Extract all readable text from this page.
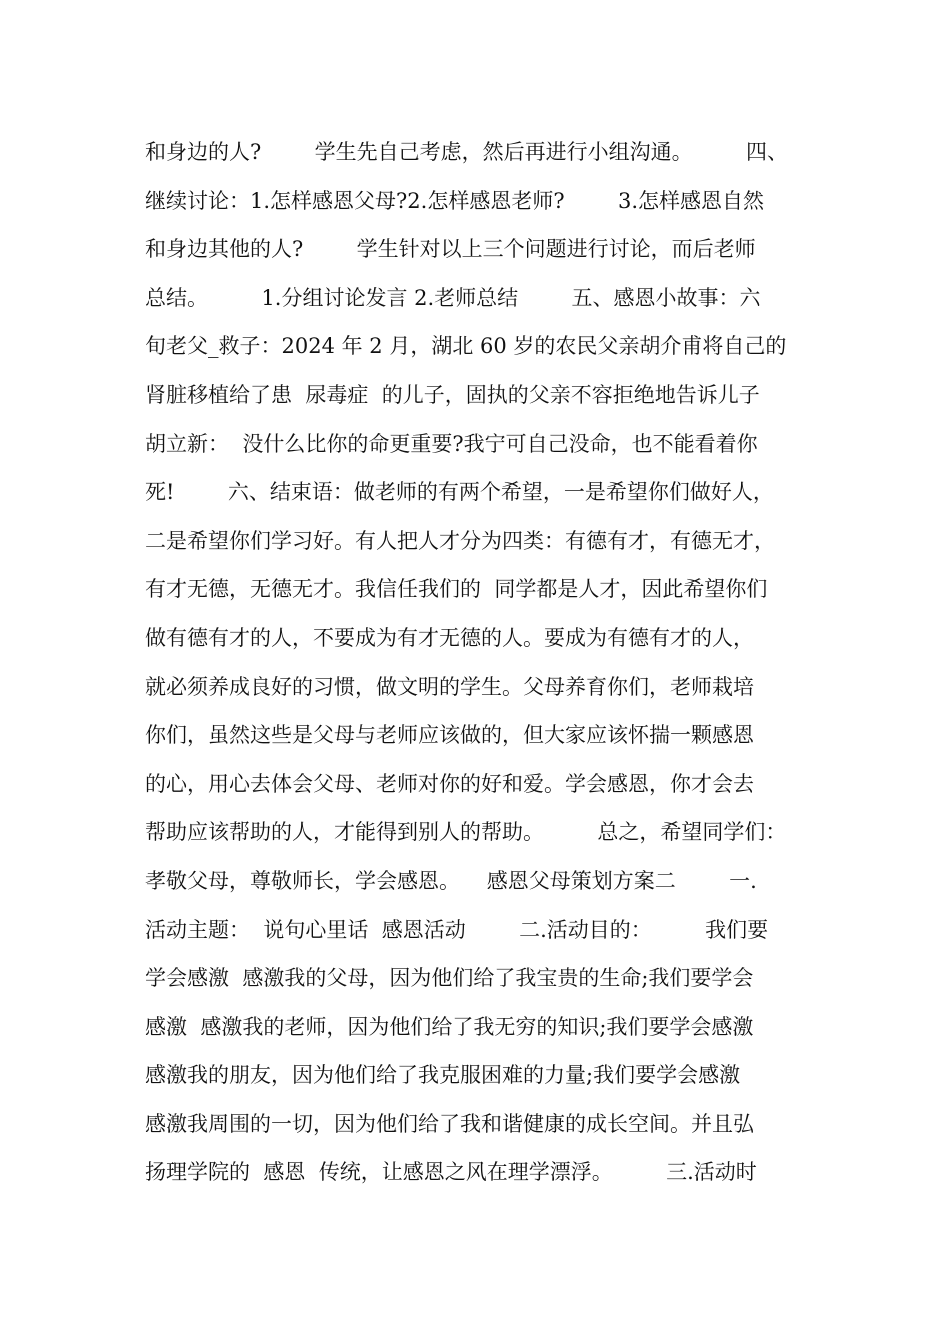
和身边的人?        学生先自己考虑，然后再进行小组沟通。        四、
继续讨论：1.怎样感恩父母?2.怎样感恩老师?        3.怎样感恩自然
和身边其他的人?        学生针对以上三个问题进行讨论，而后老师
总结。        1.分组讨论发言 2.老师总结        五、感恩小故事：六
旬老父_救子：2024 年 2 月，湖北 60 岁的农民父亲胡介甫将自己的
肾脏移植给了患  尿毒症  的儿子，固执的父亲不容拒绝地告诉儿子
胡立新：  没什么比你的命更重要?我宁可自己没命，也不能看着你
死!        六、结束语：做老师的有两个希望，一是希望你们做好人，
二是希望你们学习好。有人把人才分为四类：有德有才，有德无才，
有才无德，无德无才。我信任我们的  同学都是人才，因此希望你们
做有德有才的人，不要成为有才无德的人。要成为有德有才的人，
就必须养成良好的习惯，做文明的学生。父母养育你们，老师栽培
你们，虽然这些是父母与老师应该做的，但大家应该怀揣一颗感恩
的心，用心去体会父母、老师对你的好和爱。学会感恩，你才会去
帮助应该帮助的人，才能得到别人的帮助。        总之，希望同学们：
孝敬父母，尊敬师长，学会感恩。    感恩父母策划方案二        一.
活动主题：  说句心里话  感恩活动        二.活动目的：        我们要
学会感激  感激我的父母，因为他们给了我宝贵的生命;我们要学会
感激  感激我的老师，因为他们给了我无穷的知识;我们要学会感激
感激我的朋友，因为他们给了我克服困难的力量;我们要学会感激
感激我周围的一切，因为他们给了我和谐健康的成长空间。并且弘
扬理学院的  感恩  传统，让感恩之风在理学漂浮。        三.活动时
